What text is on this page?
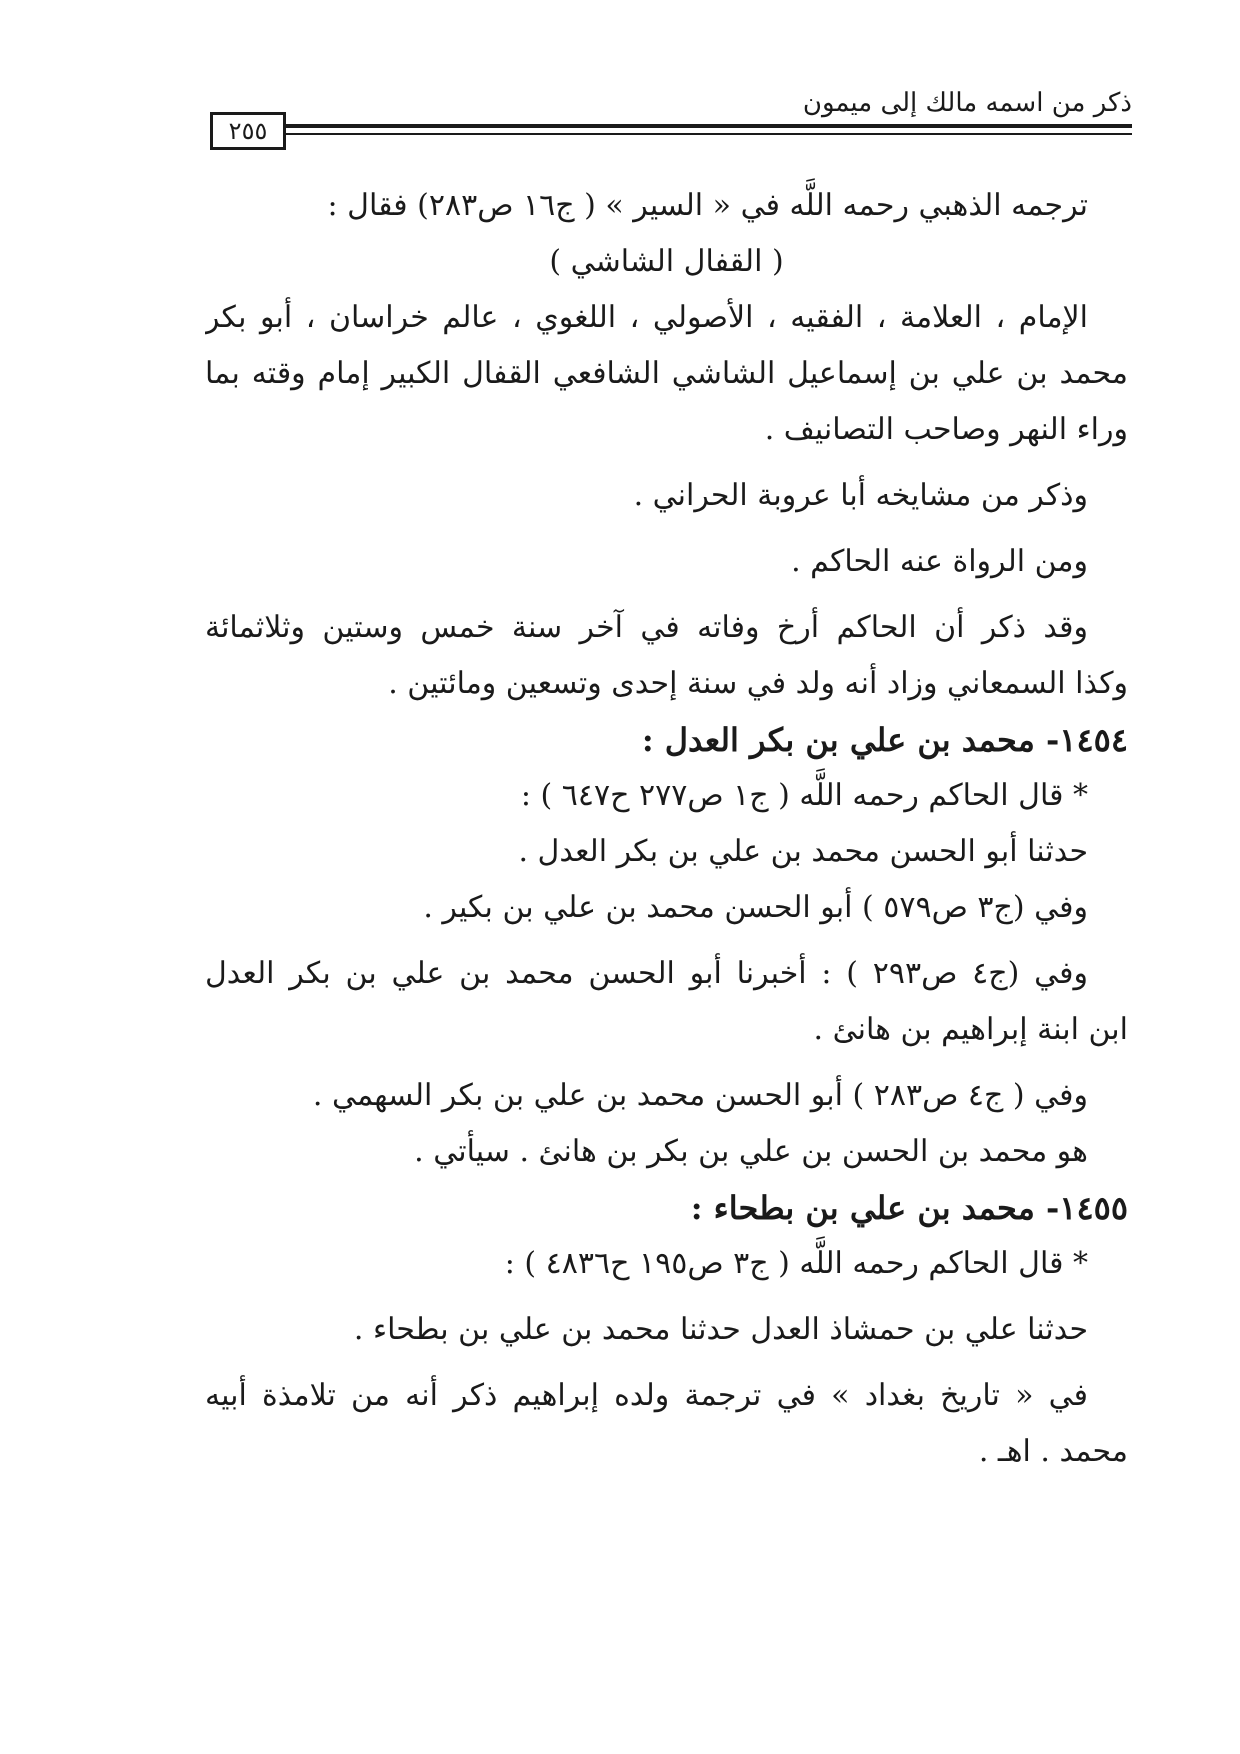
ذكر من اسمه مالك إلى ميمون
٢٥٥
ترجمه الذهبي رحمه اللَّه في « السير » ( ج١٦ ص٢٨٣) فقال :
( القفال الشاشي )
الإمام ، العلامة ، الفقيه ، الأصولي ، اللغوي ، عالم خراسان ، أبو بكر
محمد بن علي بن إسماعيل الشاشي الشافعي القفال الكبير إمام وقته بما
وراء النهر وصاحب التصانيف .
وذكر من مشايخه أبا عروبة الحراني .
ومن الرواة عنه الحاكم .
وقد ذكر أن الحاكم أرخ وفاته في آخر سنة خمس وستين وثلاثمائة
وكذا السمعاني وزاد أنه ولد في سنة إحدى وتسعين ومائتين .
١٤٥٤- محمد بن علي بن بكر العدل :
* قال الحاكم رحمه اللَّه ( ج١ ص٢٧٧ ح٦٤٧ ) :
حدثنا أبو الحسن محمد بن علي بن بكر العدل .
وفي (ج٣ ص٥٧٩ ) أبو الحسن محمد بن علي بن بكير .
وفي (ج٤ ص٢٩٣ ) : أخبرنا أبو الحسن محمد بن علي بن بكر العدل
ابن ابنة إبراهيم بن هانئ .
وفي ( ج٤ ص٢٨٣ ) أبو الحسن محمد بن علي بن بكر السهمي .
هو محمد بن الحسن بن علي بن بكر بن هانئ . سيأتي .
١٤٥٥- محمد بن علي بن بطحاء :
* قال الحاكم رحمه اللَّه ( ج٣ ص١٩٥ ح٤٨٣٦ ) :
حدثنا علي بن حمشاذ العدل حدثنا محمد بن علي بن بطحاء .
في « تاريخ بغداد » في ترجمة ولده إبراهيم ذكر أنه من تلامذة أبيه
محمد . اهـ .
